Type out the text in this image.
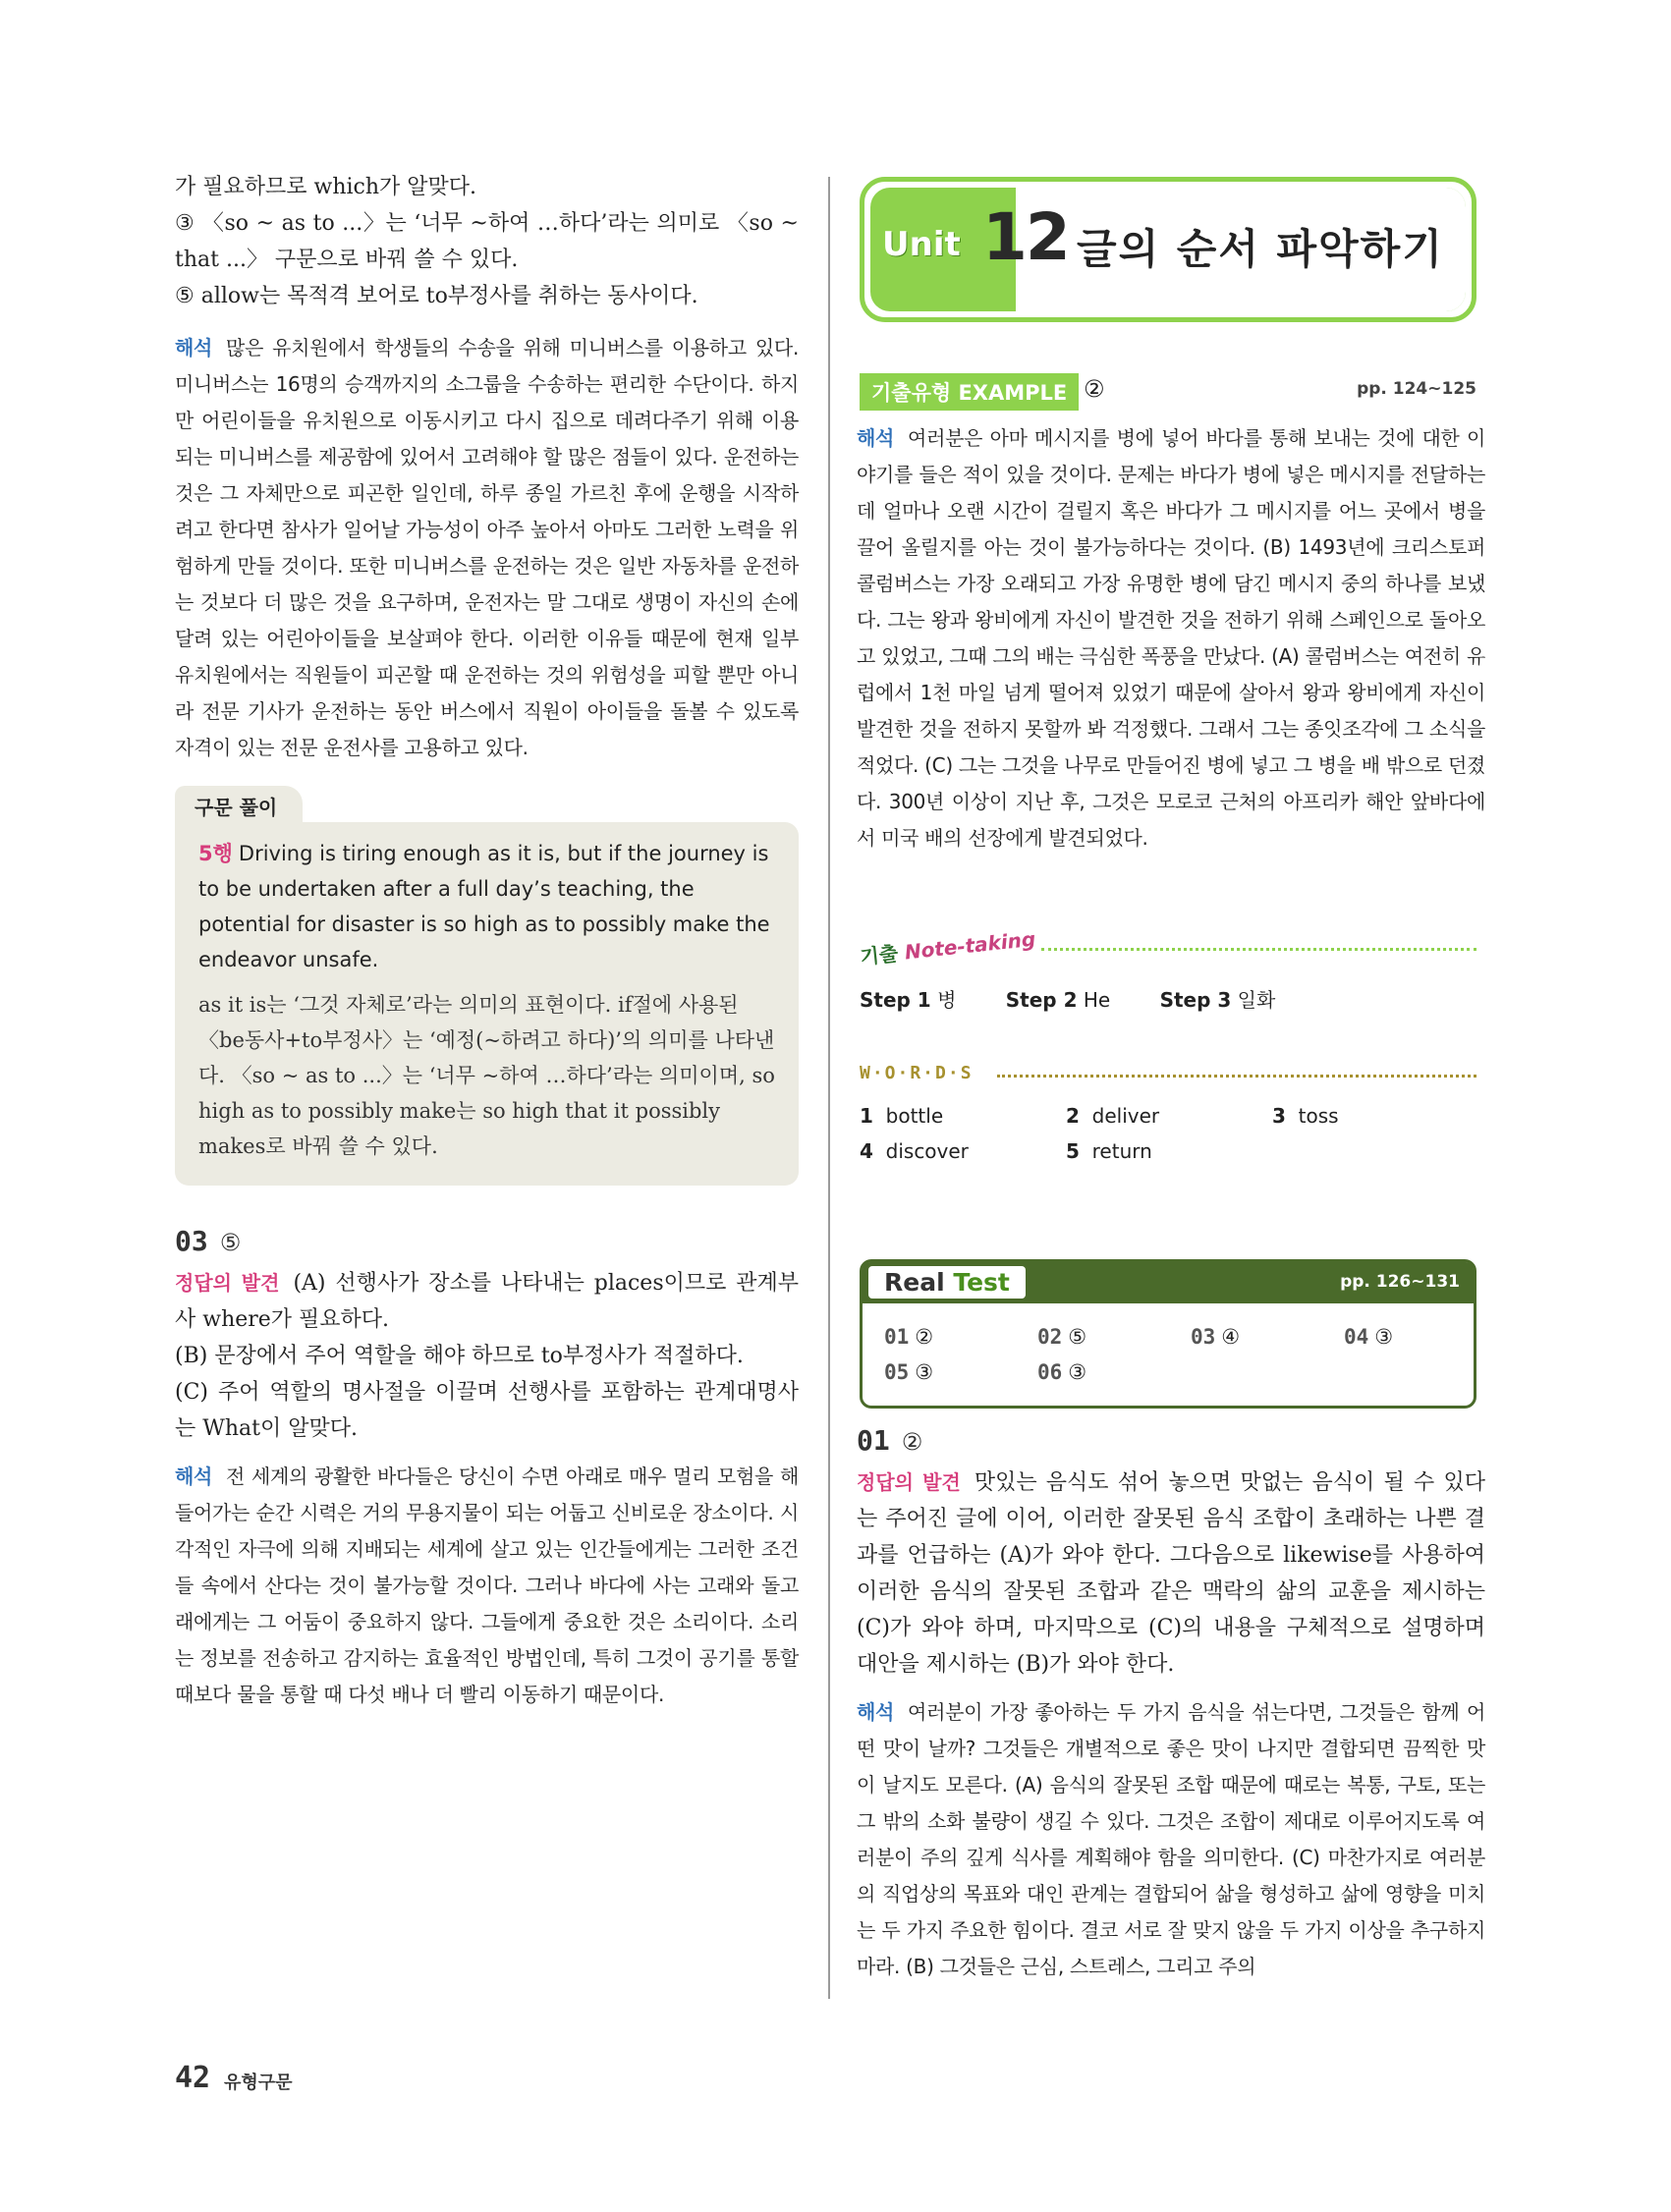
가 필요하므로 which가 알맞다.

③ 〈so ~ as to ...〉는 ‘너무 ~하여 …하다’라는 의미로 〈so ~ that ...〉 구문으로 바꿔 쓸 수 있다.

⑤ allow는 목적격 보어로 to부정사를 취하는 동사이다.

해석 많은 유치원에서 학생들의 수송을 위해 미니버스를 이용하고 있다. 미니버스는 16명의 승객까지의 소그룹을 수송하는 편리한 수단이다. 하지만 어린이들을 유치원으로 이동시키고 다시 집으로 데려다주기 위해 이용되는 미니버스를 제공함에 있어서 고려해야 할 많은 점들이 있다. 운전하는 것은 그 자체만으로 피곤한 일인데, 하루 종일 가르친 후에 운행을 시작하려고 한다면 참사가 일어날 가능성이 아주 높아서 아마도 그러한 노력을 위험하게 만들 것이다. 또한 미니버스를 운전하는 것은 일반 자동차를 운전하는 것보다 더 많은 것을 요구하며, 운전자는 말 그대로 생명이 자신의 손에 달려 있는 어린아이들을 보살펴야 한다. 이러한 이유들 때문에 현재 일부 유치원에서는 직원들이 피곤할 때 운전하는 것의 위험성을 피할 뿐만 아니라 전문 기사가 운전하는 동안 버스에서 직원이 아이들을 돌볼 수 있도록 자격이 있는 전문 운전사를 고용하고 있다.

구문 풀이

5행 Driving is tiring enough as it is, but if the journey is to be undertaken after a full day’s teaching, the potential for disaster is so high as to possibly make the endeavor unsafe.

as it is는 ‘그것 자체로’라는 의미의 표현이다. if절에 사용된 〈be동사+to부정사〉는 ‘예정(~하려고 하다)’의 의미를 나타낸다. 〈so ~ as to ...〉는 ‘너무 ~하여 …하다’라는 의미이며, so high as to possibly make는 so high that it possibly makes로 바꿔 쓸 수 있다.

03 ⑤

정답의 발견 (A) 선행사가 장소를 나타내는 places이므로 관계부사 where가 필요하다.

(B) 문장에서 주어 역할을 해야 하므로 to부정사가 적절하다.

(C) 주어 역할의 명사절을 이끌며 선행사를 포함하는 관계대명사는 What이 알맞다.

해석 전 세계의 광활한 바다들은 당신이 수면 아래로 매우 멀리 모험을 해 들어가는 순간 시력은 거의 무용지물이 되는 어둡고 신비로운 장소이다. 시각적인 자극에 의해 지배되는 세계에 살고 있는 인간들에게는 그러한 조건들 속에서 산다는 것이 불가능할 것이다. 그러나 바다에 사는 고래와 돌고래에게는 그 어둠이 중요하지 않다. 그들에게 중요한 것은 소리이다. 소리는 정보를 전송하고 감지하는 효율적인 방법인데, 특히 그것이 공기를 통할 때보다 물을 통할 때 다섯 배나 더 빨리 이동하기 때문이다.

Unit 12 글의 순서 파악하기
기출유형 EXAMPLE ②	pp. 124~125

해석 여러분은 아마 메시지를 병에 넣어 바다를 통해 보내는 것에 대한 이야기를 들은 적이 있을 것이다. 문제는 바다가 병에 넣은 메시지를 전달하는데 얼마나 오랜 시간이 걸릴지 혹은 바다가 그 메시지를 어느 곳에서 병을 끌어 올릴지를 아는 것이 불가능하다는 것이다. (B) 1493년에 크리스토퍼 콜럼버스는 가장 오래되고 가장 유명한 병에 담긴 메시지 중의 하나를 보냈다. 그는 왕과 왕비에게 자신이 발견한 것을 전하기 위해 스페인으로 돌아오고 있었고, 그때 그의 배는 극심한 폭풍을 만났다. (A) 콜럼버스는 여전히 유럽에서 1천 마일 넘게 떨어져 있었기 때문에 살아서 왕과 왕비에게 자신이 발견한 것을 전하지 못할까 봐 걱정했다. 그래서 그는 종잇조각에 그 소식을 적었다. (C) 그는 그것을 나무로 만들어진 병에 넣고 그 병을 배 밖으로 던졌다. 300년 이상이 지난 후, 그것은 모로코 근처의 아프리카 해안 앞바다에서 미국 배의 선장에게 발견되었다.

기출 Note-taking
Step 1 병	Step 2 He	Step 3 일화
W·O·R·D·S
1 bottle	2 deliver	3 toss
4 discover	5 return
Real Test	pp. 126~131
01 ②	02 ⑤	03 ④	04 ③
05 ③	06 ③
01 ②

정답의 발견 맛있는 음식도 섞어 놓으면 맛없는 음식이 될 수 있다는 주어진 글에 이어, 이러한 잘못된 음식 조합이 초래하는 나쁜 결과를 언급하는 (A)가 와야 한다. 그다음으로 likewise를 사용하여 이러한 음식의 잘못된 조합과 같은 맥락의 삶의 교훈을 제시하는 (C)가 와야 하며, 마지막으로 (C)의 내용을 구체적으로 설명하며 대안을 제시하는 (B)가 와야 한다.

해석 여러분이 가장 좋아하는 두 가지 음식을 섞는다면, 그것들은 함께 어떤 맛이 날까? 그것들은 개별적으로 좋은 맛이 나지만 결합되면 끔찍한 맛이 날지도 모른다. (A) 음식의 잘못된 조합 때문에 때로는 복통, 구토, 또는 그 밖의 소화 불량이 생길 수 있다. 그것은 조합이 제대로 이루어지도록 여러분이 주의 깊게 식사를 계획해야 함을 의미한다. (C) 마찬가지로 여러분의 직업상의 목표와 대인 관계는 결합되어 삶을 형성하고 삶에 영향을 미치는 두 가지 주요한 힘이다. 결코 서로 잘 맞지 않을 두 가지 이상을 추구하지 마라. (B) 그것들은 근심, 스트레스, 그리고 주의

42 유형구문
